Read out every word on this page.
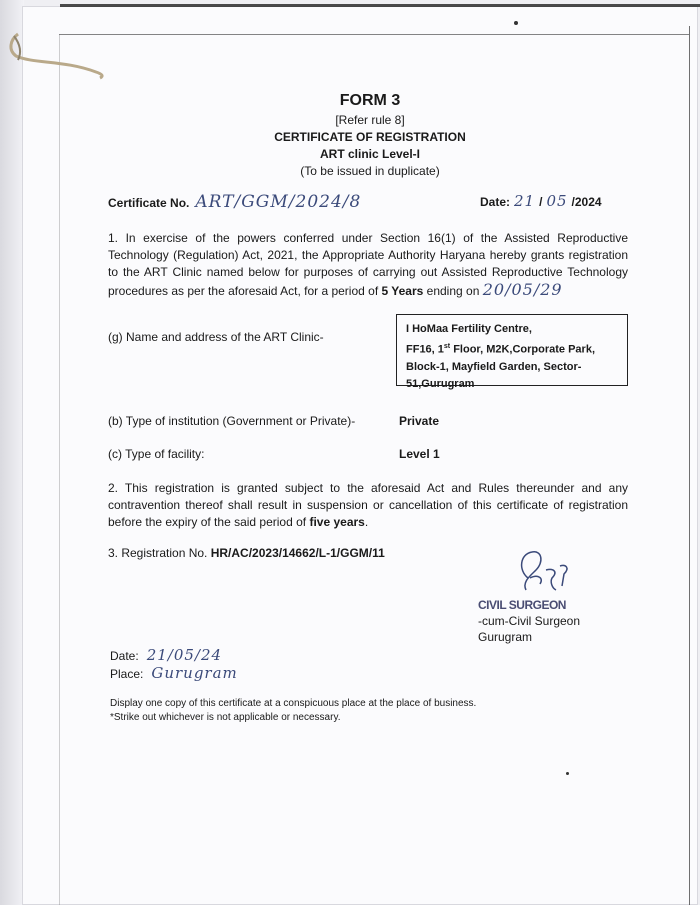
FORM 3
[Refer rule 8]
CERTIFICATE OF REGISTRATION
ART clinic Level-I
(To be issued in duplicate)
Certificate No. ART/GGM/2024/8	Date: 21 / 05 /2024
1. In exercise of the powers conferred under Section 16(1) of the Assisted Reproductive Technology (Regulation) Act, 2021, the Appropriate Authority Haryana hereby grants registration to the ART Clinic named below for purposes of carrying out Assisted Reproductive Technology procedures as per the aforesaid Act, for a period of 5 Years ending on 20/05/29
(g) Name and address of the ART Clinic-
I HoMaa Fertility Centre,
FF16, 1st Floor, M2K,Corporate Park,
Block-1, Mayfield Garden, Sector-
51,Gurugram
(b) Type of institution (Government or Private)-	Private
(c) Type of facility:	Level 1
2. This registration is granted subject to the aforesaid Act and Rules thereunder and any contravention thereof shall result in suspension or cancellation of this certificate of registration before the expiry of the said period of five years.
3. Registration No. HR/AC/2023/14662/L-1/GGM/11
CIVIL SURGEON
-cum-Civil Surgeon
Gurugram
Date: 21/05/24
Place: Gurugram
Display one copy of this certificate at a conspicuous place at the place of business.
*Strike out whichever is not applicable or necessary.
